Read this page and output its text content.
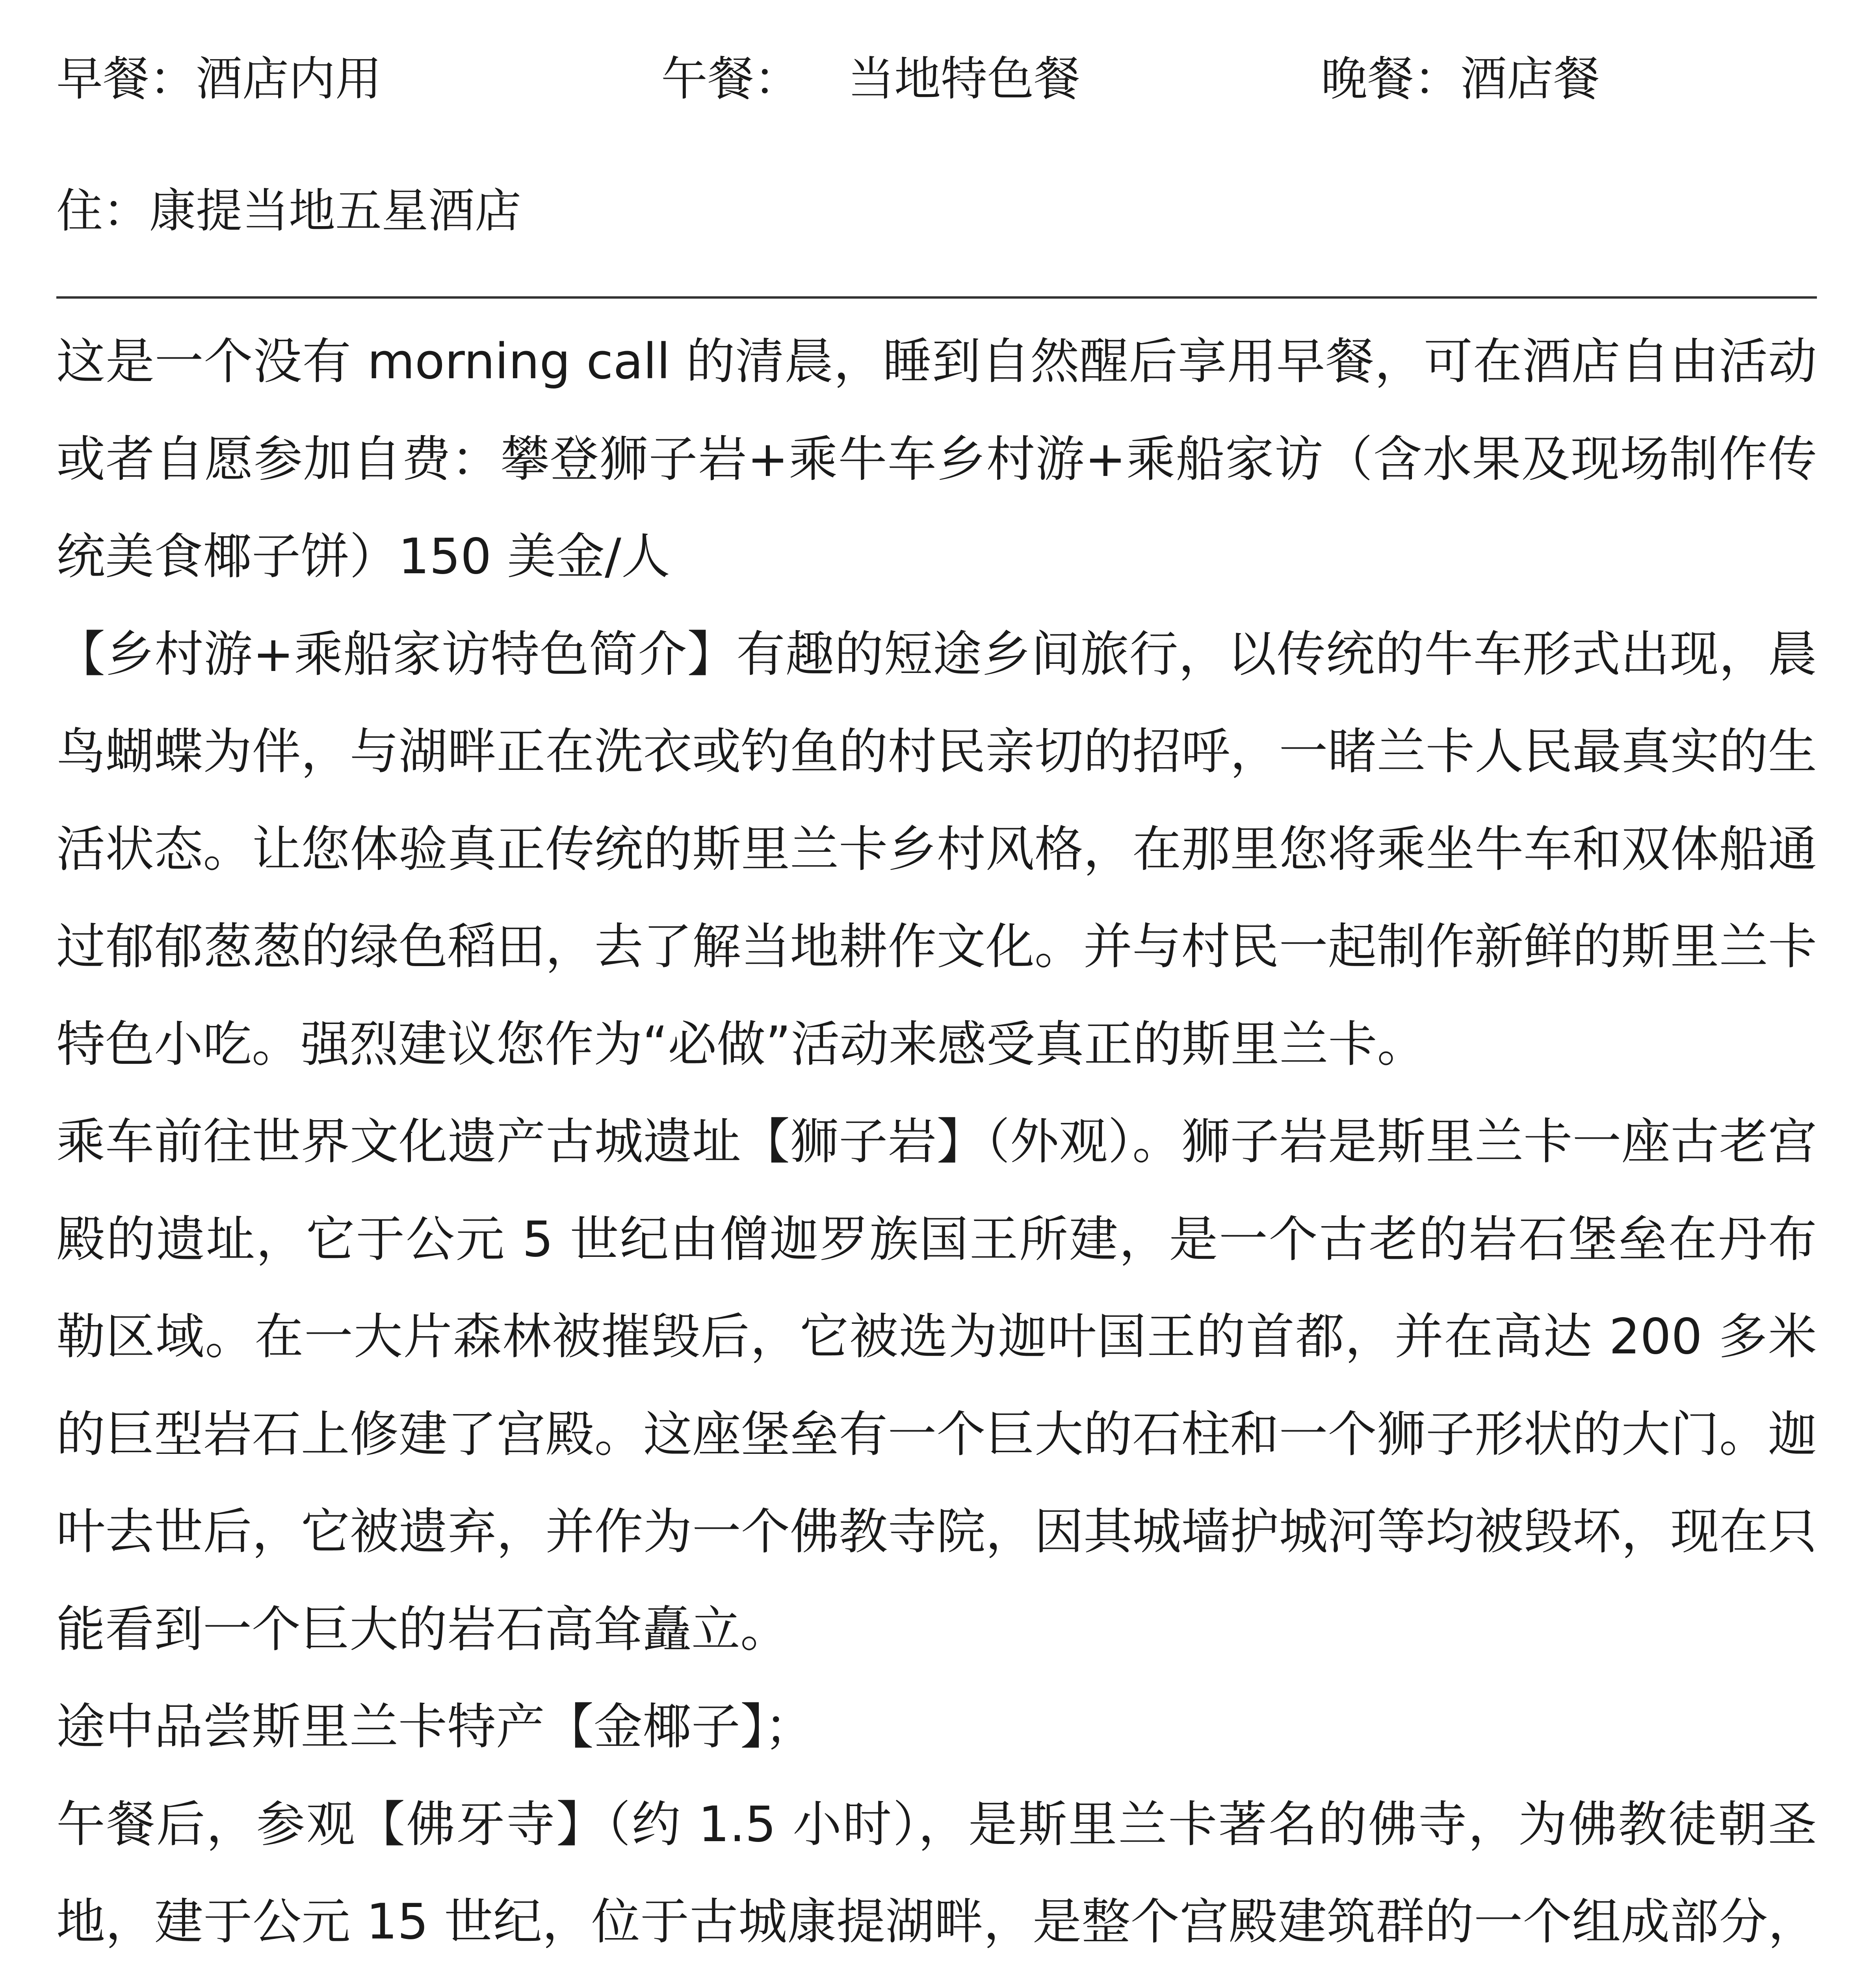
早餐：酒店内用	午餐： 当地特色餐	晚餐：酒店餐
住：康提当地五星酒店

这是一个没有 morning call 的清晨，睡到自然醒后享用早餐，可在酒店自由活动或者自愿参加自费：攀登狮子岩+乘牛车乡村游+乘船家访（含水果及现场制作传统美食椰子饼）150 美金/人

【乡村游+乘船家访特色简介】有趣的短途乡间旅行，以传统的牛车形式出现，晨鸟蝴蝶为伴，与湖畔正在洗衣或钓鱼的村民亲切的招呼，一睹兰卡人民最真实的生活状态。让您体验真正传统的斯里兰卡乡村风格，在那里您将乘坐牛车和双体船通过郁郁葱葱的绿色稻田，去了解当地耕作文化。并与村民一起制作新鲜的斯里兰卡特色小吃。强烈建议您作为“必做”活动来感受真正的斯里兰卡。

乘车前往世界文化遗产古城遗址【狮子岩】（外观）。狮子岩是斯里兰卡一座古老宫殿的遗址，它于公元 5 世纪由僧迦罗族国王所建，是一个古老的岩石堡垒在丹布勒区域。在一大片森林被摧毁后，它被选为迦叶国王的首都，并在高达 200 多米的巨型岩石上修建了宫殿。这座堡垒有一个巨大的石柱和一个狮子形状的大门。迦叶去世后，它被遗弃，并作为一个佛教寺院，因其城墙护城河等均被毁坏，现在只能看到一个巨大的岩石高耸矗立。

途中品尝斯里兰卡特产【金椰子】；

午餐后，参观【佛牙寺】（约 1.5 小时），是斯里兰卡著名的佛寺，为佛教徒朝圣地，建于公元 15 世纪，位于古城康提湖畔，是整个宫殿建筑群的一个组成部分，
